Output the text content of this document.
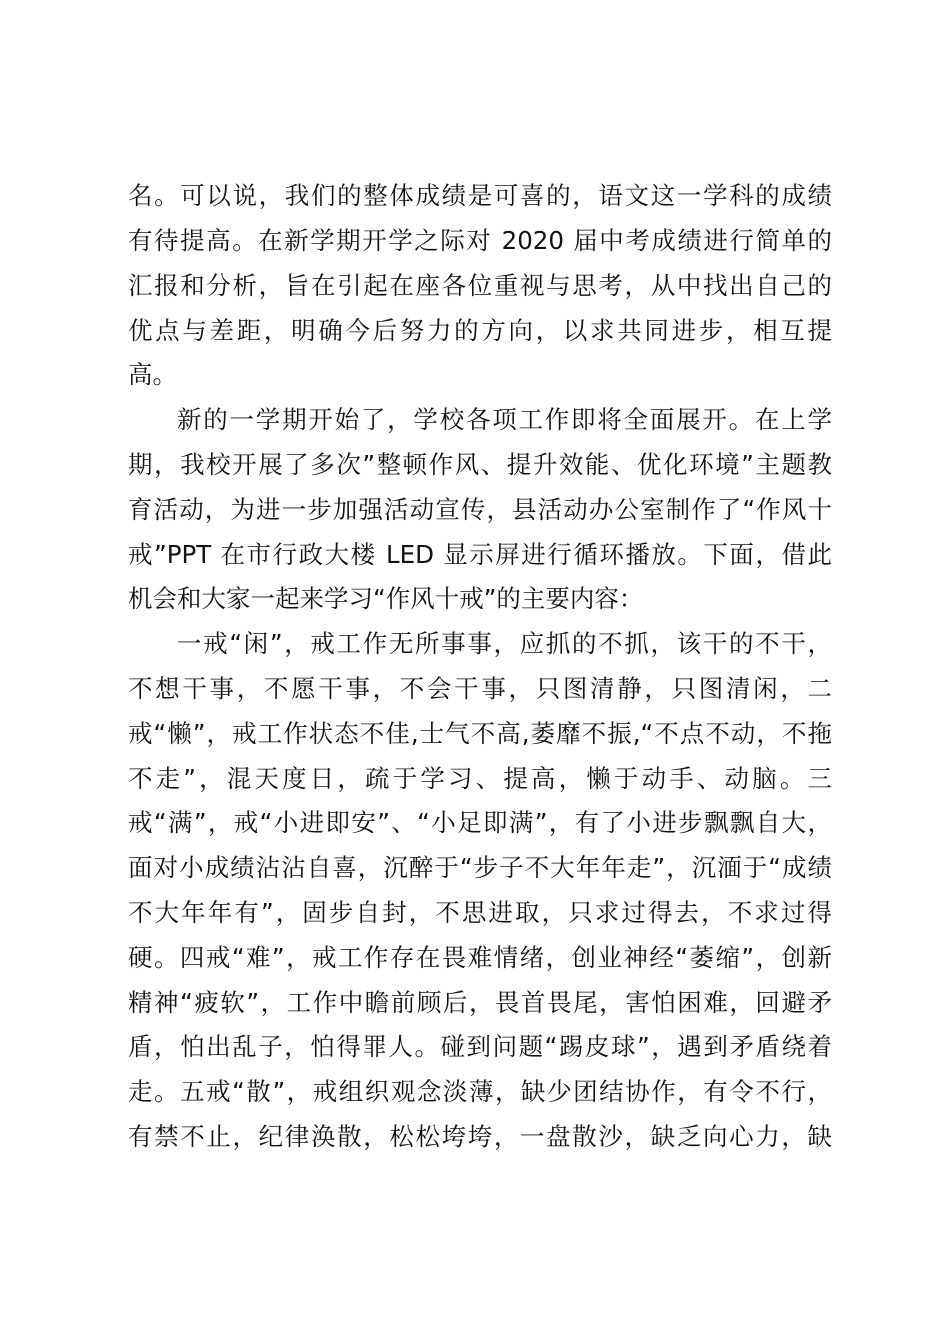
名。可以说，我们的整体成绩是可喜的，语文这一学科的成绩
有待提高。在新学期开学之际对 2020 届中考成绩进行简单的
汇报和分析，旨在引起在座各位重视与思考，从中找出自己的
优点与差距，明确今后努力的方向，以求共同进步，相互提
高。
新的一学期开始了，学校各项工作即将全面展开。在上学
期，我校开展了多次”整顿作风、提升效能、优化环境”主题教
育活动，为进一步加强活动宣传，县活动办公室制作了“作风十
戒”PPT 在市行政大楼 LED 显示屏进行循环播放。下面，借此
机会和大家一起来学习“作风十戒”的主要内容：
一戒“闲”，戒工作无所事事，应抓的不抓，该干的不干，
不想干事，不愿干事，不会干事，只图清静，只图清闲，二
戒“懒”，戒工作状态不佳,士气不高,萎靡不振,“不点不动，不拖
不走”，混天度日，疏于学习、提高，懒于动手、动脑。三
戒“满”，戒“小进即安”、“小足即满”，有了小进步飘飘自大，
面对小成绩沾沾自喜，沉醉于“步子不大年年走”，沉湎于“成绩
不大年年有”，固步自封，不思进取，只求过得去，不求过得
硬。四戒“难”，戒工作存在畏难情绪，创业神经“萎缩”，创新
精神“疲软”，工作中瞻前顾后，畏首畏尾，害怕困难，回避矛
盾，怕出乱子，怕得罪人。碰到问题“踢皮球”，遇到矛盾绕着
走。五戒“散”，戒组织观念淡薄，缺少团结协作，有令不行，
有禁不止，纪律涣散，松松垮垮，一盘散沙，缺乏向心力，缺
